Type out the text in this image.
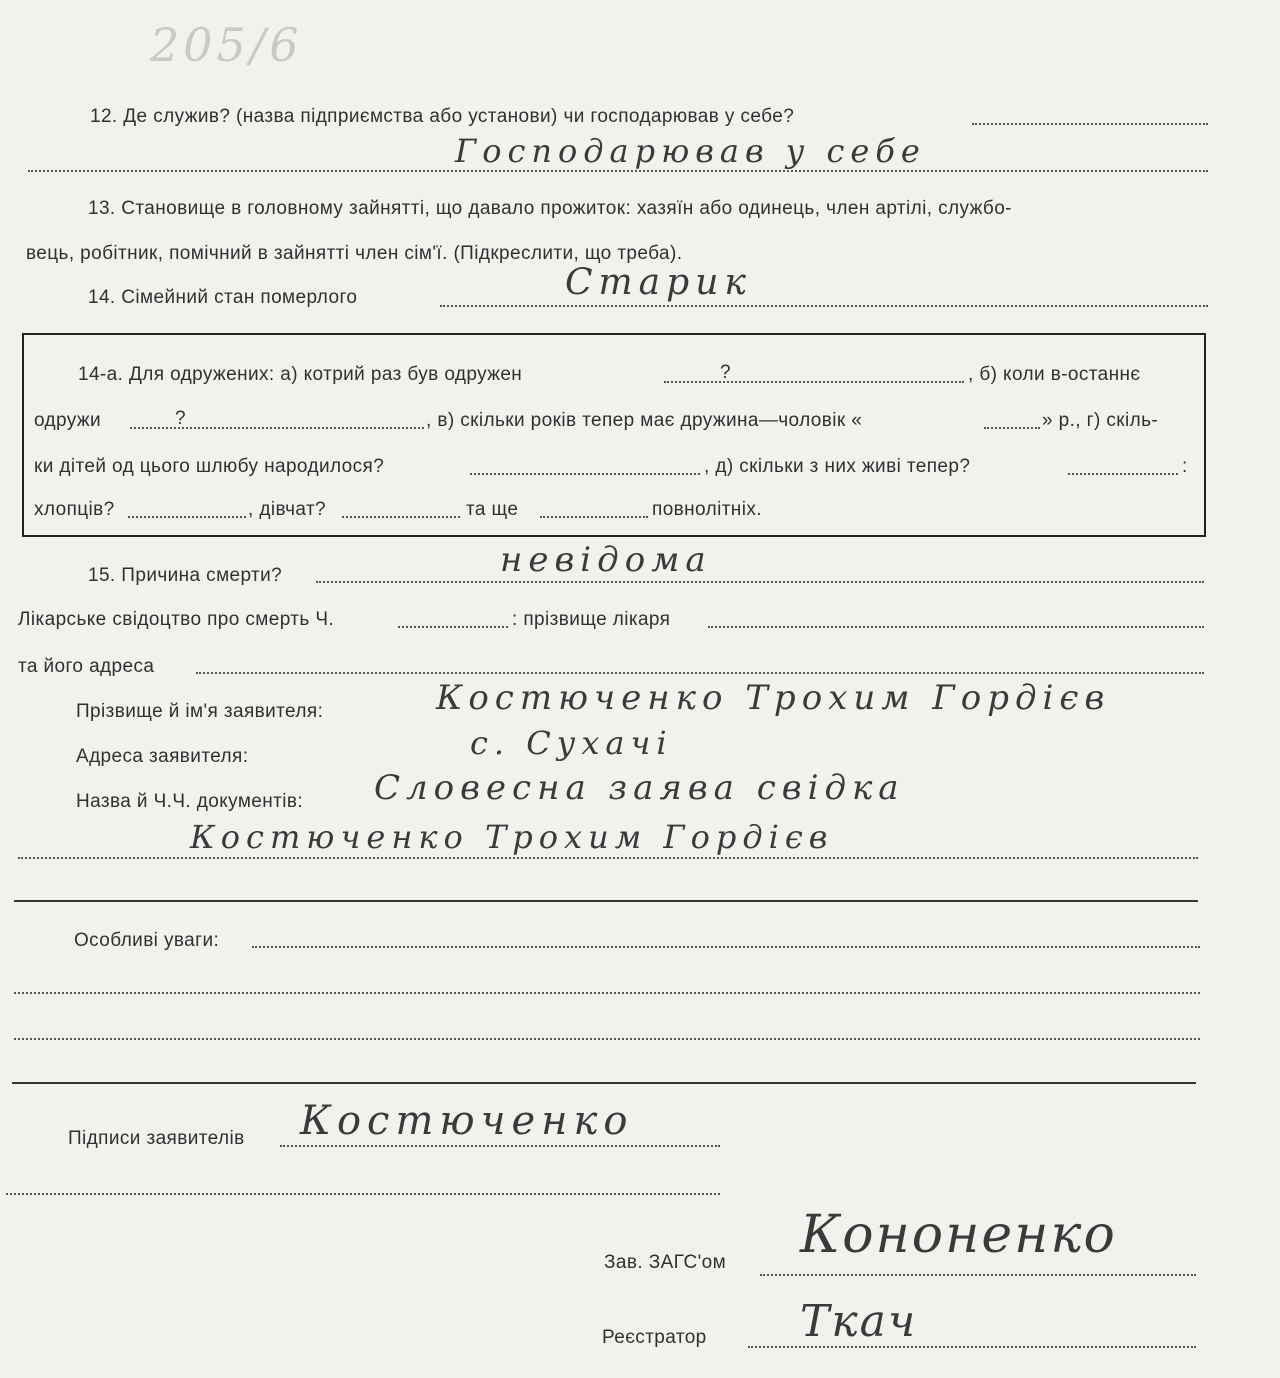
205/6
12. Де служив? (назва підприємства або установи) чи господарював у себе?
Господарював у себе
13. Становище в головному зайнятті, що давало прожиток: хазяїн або одинець, член артілі, службо-
вець, робітник, помічний в зайнятті член сім'ї. (Підкреслити, що треба).
14. Сімейний стан померлого	Старик
14-а. Для одружених: а) котрий раз був одружен	?	, б) коли в-останнє
одружи	?	, в) скільки років тепер має дружина—чоловік «	» р., г) скіль-
ки дітей од цього шлюбу народилося?	, д) скільки з них живі тепер?	:
хлопців?	, дівчат?	та ще	повнолітніх.
15. Причина смерти?	невідома
Лікарське свідоцтво про смерть Ч.	: прізвище лікаря
та його адреса
Прізвище й ім'я заявителя:	Костюченко Трохим Гордієв
Адреса заявителя:	с. Сухачі
Назва й Ч.Ч. документів: Словесна заява свідка
Костюченко Трохим Гордієв
Особливі уваги:
Підписи заявителів Костюченко
Зав. ЗАГС'ом Кононенко
Реєстратор Ткач
